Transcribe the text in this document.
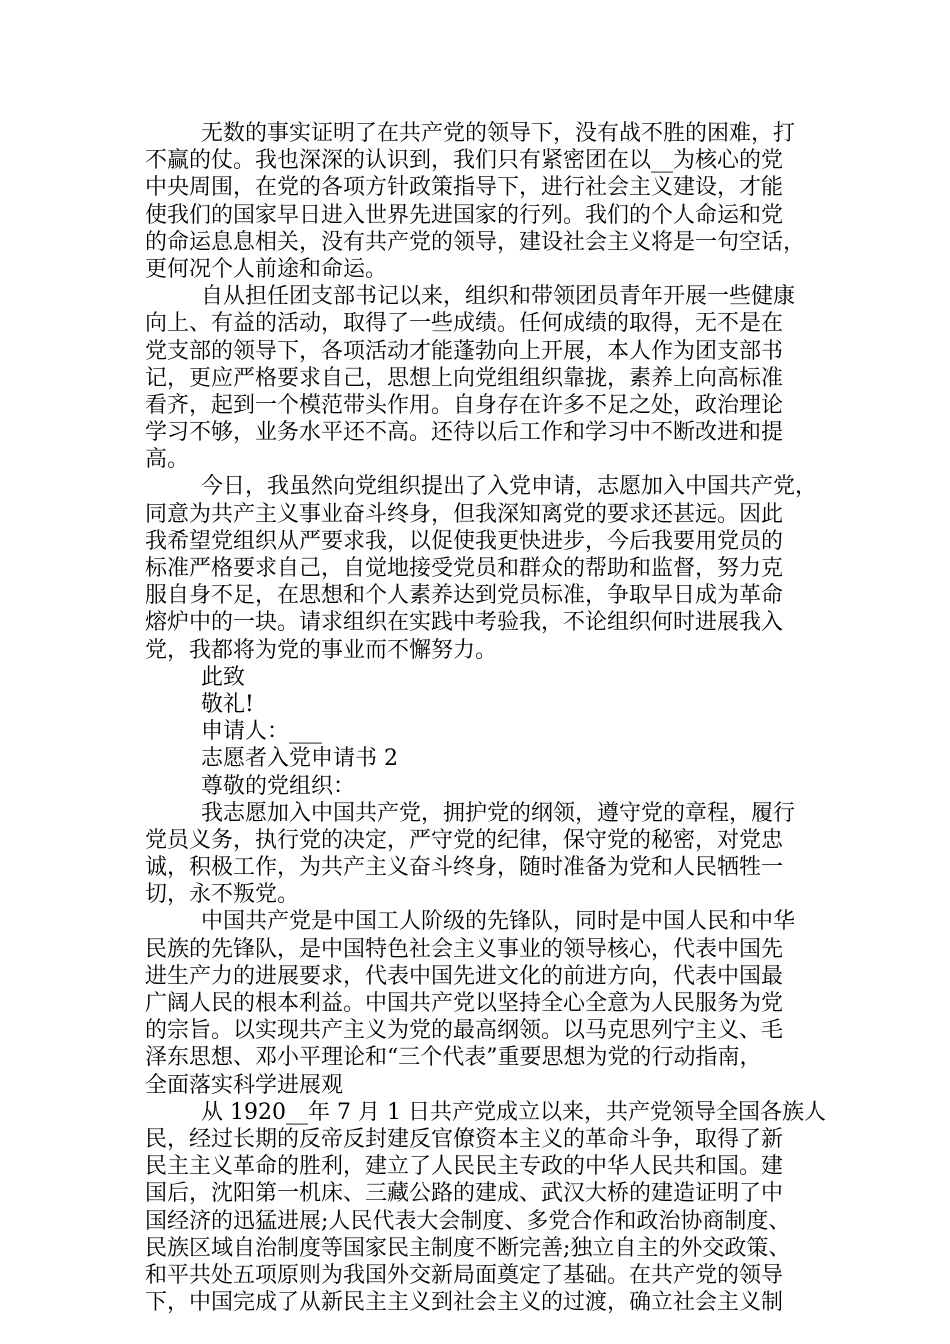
无数的事实证明了在共产党的领导下，没有战不胜的困难，打
不赢的仗。我也深深的认识到，我们只有紧密团在以__为核心的党
中央周围，在党的各项方针政策指导下，进行社会主义建设，才能
使我们的国家早日进入世界先进国家的行列。我们的个人命运和党
的命运息息相关，没有共产党的领导，建设社会主义将是一句空话，
更何况个人前途和命运。
自从担任团支部书记以来，组织和带领团员青年开展一些健康
向上、有益的活动，取得了一些成绩。任何成绩的取得，无不是在
党支部的领导下，各项活动才能蓬勃向上开展，本人作为团支部书
记，更应严格要求自己，思想上向党组组织靠拢，素养上向高标准
看齐，起到一个模范带头作用。自身存在许多不足之处，政治理论
学习不够，业务水平还不高。还待以后工作和学习中不断改进和提
高。
今日，我虽然向党组织提出了入党申请，志愿加入中国共产党，
同意为共产主义事业奋斗终身，但我深知离党的要求还甚远。因此
我希望党组织从严要求我，以促使我更快进步，今后我要用党员的
标准严格要求自己，自觉地接受党员和群众的帮助和监督，努力克
服自身不足，在思想和个人素养达到党员标准，争取早日成为革命
熔炉中的一块。请求组织在实践中考验我，不论组织何时进展我入
党，我都将为党的事业而不懈努力。
此致
敬礼!
申请人：___
志愿者入党申请书 2
尊敬的党组织：
我志愿加入中国共产党，拥护党的纲领，遵守党的章程，履行
党员义务，执行党的决定，严守党的纪律，保守党的秘密，对党忠
诚，积极工作，为共产主义奋斗终身，随时准备为党和人民牺牲一
切，永不叛党。
中国共产党是中国工人阶级的先锋队，同时是中国人民和中华
民族的先锋队，是中国特色社会主义事业的领导核心，代表中国先
进生产力的进展要求，代表中国先进文化的前进方向，代表中国最
广阔人民的根本利益。中国共产党以坚持全心全意为人民服务为党
的宗旨。以实现共产主义为党的最高纲领。以马克思列宁主义、毛
泽东思想、邓小平理论和“三个代表”重要思想为党的行动指南，
全面落实科学进展观
从 1920__年 7 月 1 日共产党成立以来，共产党领导全国各族人
民，经过长期的反帝反封建反官僚资本主义的革命斗争，取得了新
民主主义革命的胜利，建立了人民民主专政的中华人民共和国。建
国后，沈阳第一机床、三藏公路的建成、武汉大桥的建造证明了中
国经济的迅猛进展;人民代表大会制度、多党合作和政治协商制度、
民族区域自治制度等国家民主制度不断完善;独立自主的外交政策、
和平共处五项原则为我国外交新局面奠定了基础。在共产党的领导
下，中国完成了从新民主主义到社会主义的过渡，确立社会主义制
